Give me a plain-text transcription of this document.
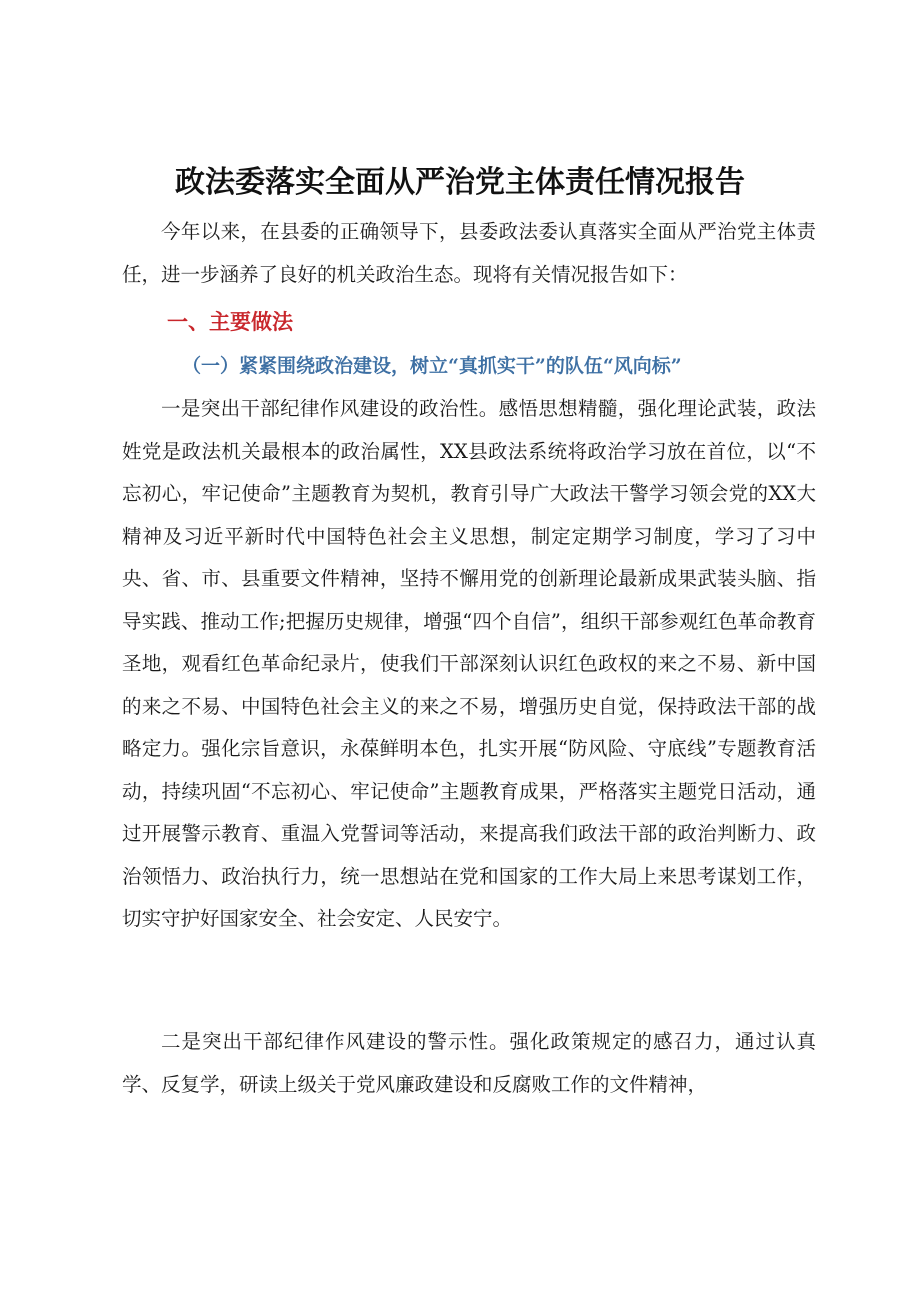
政法委落实全面从严治党主体责任情况报告

今年以来，在县委的正确领导下，县委政法委认真落实全面从严治党主体责任，进一步涵养了良好的机关政治生态。现将有关情况报告如下：

一、主要做法
（一）紧紧围绕政治建设，树立“真抓实干”的队伍“风向标”

一是突出干部纪律作风建设的政治性。感悟思想精髓，强化理论武装，政法姓党是政法机关最根本的政治属性，XX县政法系统将政治学习放在首位，以“不忘初心，牢记使命”主题教育为契机，教育引导广大政法干警学习领会党的XX大精神及习近平新时代中国特色社会主义思想，制定定期学习制度，学习了习中央、省、市、县重要文件精神，坚持不懈用党的创新理论最新成果武装头脑、指导实践、推动工作;把握历史规律，增强“四个自信”，组织干部参观红色革命教育圣地，观看红色革命纪录片，使我们干部深刻认识红色政权的来之不易、新中国的来之不易、中国特色社会主义的来之不易，增强历史自觉，保持政法干部的战略定力。强化宗旨意识，永葆鲜明本色，扎实开展“防风险、守底线”专题教育活动，持续巩固“不忘初心、牢记使命”主题教育成果，严格落实主题党日活动，通过开展警示教育、重温入党誓词等活动，来提高我们政法干部的政治判断力、政治领悟力、政治执行力，统一思想站在党和国家的工作大局上来思考谋划工作，切实守护好国家安全、社会安定、人民安宁。

二是突出干部纪律作风建设的警示性。强化政策规定的感召力，通过认真学、反复学，研读上级关于党风廉政建设和反腐败工作的文件精神，
